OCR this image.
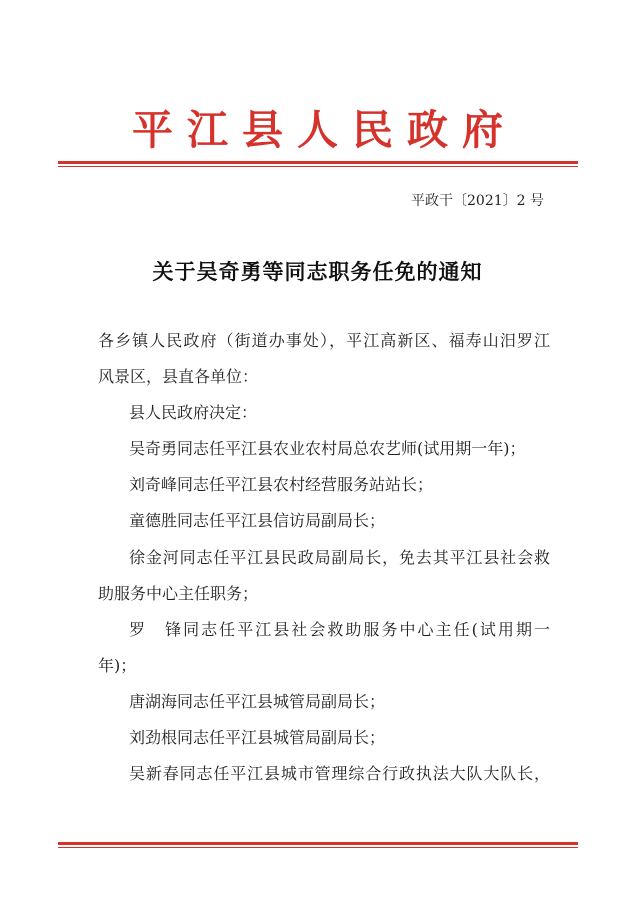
平江县人民政府
平政干〔2021〕2 号
关于吴奇勇等同志职务任免的通知
各乡镇人民政府（街道办事处），平江高新区、福寿山汨罗江
风景区，县直各单位：
县人民政府决定：
吴奇勇同志任平江县农业农村局总农艺师(试用期一年)；
刘奇峰同志任平江县农村经营服务站站长；
童德胜同志任平江县信访局副局长；
徐金河同志任平江县民政局副局长，免去其平江县社会救
助服务中心主任职务；
罗　锋同志任平江县社会救助服务中心主任(试用期一
年)；
唐湖海同志任平江县城管局副局长；
刘劲根同志任平江县城管局副局长；
吴新春同志任平江县城市管理综合行政执法大队大队长，
